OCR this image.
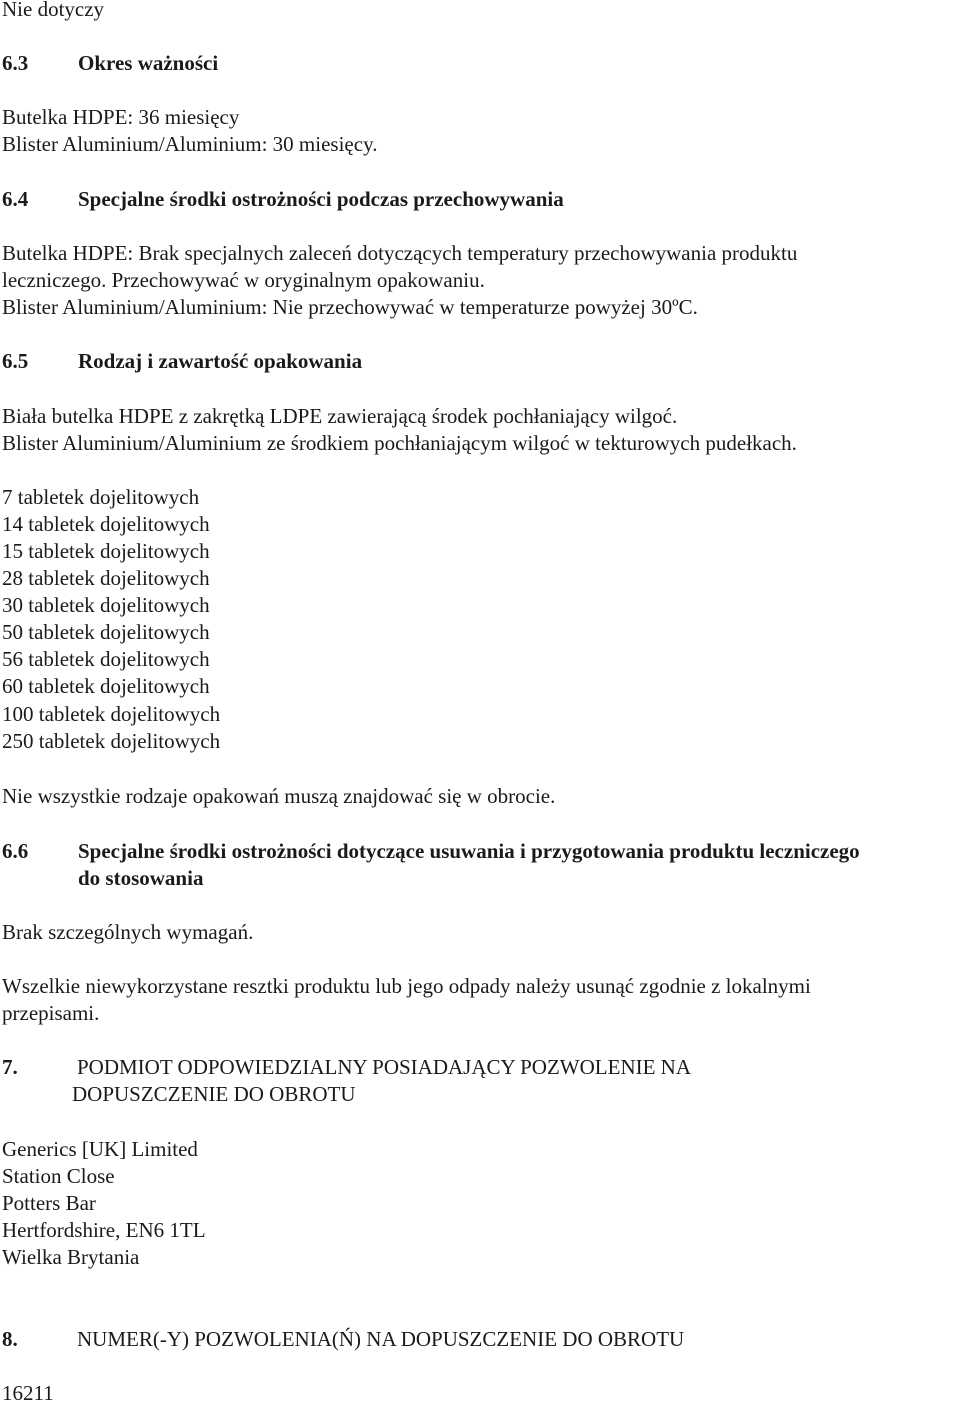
Nie dotyczy
6.3 Okres ważności
Butelka HDPE: 36 miesięcy
Blister Aluminium/Aluminium: 30 miesięcy.
6.4 Specjalne środki ostrożności podczas przechowywania
Butelka HDPE: Brak specjalnych zaleceń dotyczących temperatury przechowywania produktu
leczniczego. Przechowywać w oryginalnym opakowaniu.
Blister Aluminium/Aluminium: Nie przechowywać w temperaturze powyżej 30ºC.
6.5 Rodzaj i zawartość opakowania
Biała butelka HDPE z zakrętką LDPE zawierającą środek pochłaniający wilgoć.
Blister Aluminium/Aluminium ze środkiem pochłaniającym wilgoć w tekturowych pudełkach.
7 tabletek dojelitowych
14 tabletek dojelitowych
15 tabletek dojelitowych
28 tabletek dojelitowych
30 tabletek dojelitowych
50 tabletek dojelitowych
56 tabletek dojelitowych
60 tabletek dojelitowych
100 tabletek dojelitowych
250 tabletek dojelitowych
Nie wszystkie rodzaje opakowań muszą znajdować się w obrocie.
6.6 Specjalne środki ostrożności dotyczące usuwania i przygotowania produktu leczniczego
do stosowania
Brak szczególnych wymagań.
Wszelkie niewykorzystane resztki produktu lub jego odpady należy usunąć zgodnie z lokalnymi
przepisami.
7.	PODMIOT ODPOWIEDZIALNY POSIADAJĄCY POZWOLENIE NA
DOPUSZCZENIE DO OBROTU
Generics [UK] Limited
Station Close
Potters Bar
Hertfordshire, EN6 1TL
Wielka Brytania
8.	NUMER(-Y) POZWOLENIA(Ń) NA DOPUSZCZENIE DO OBROTU
16211
